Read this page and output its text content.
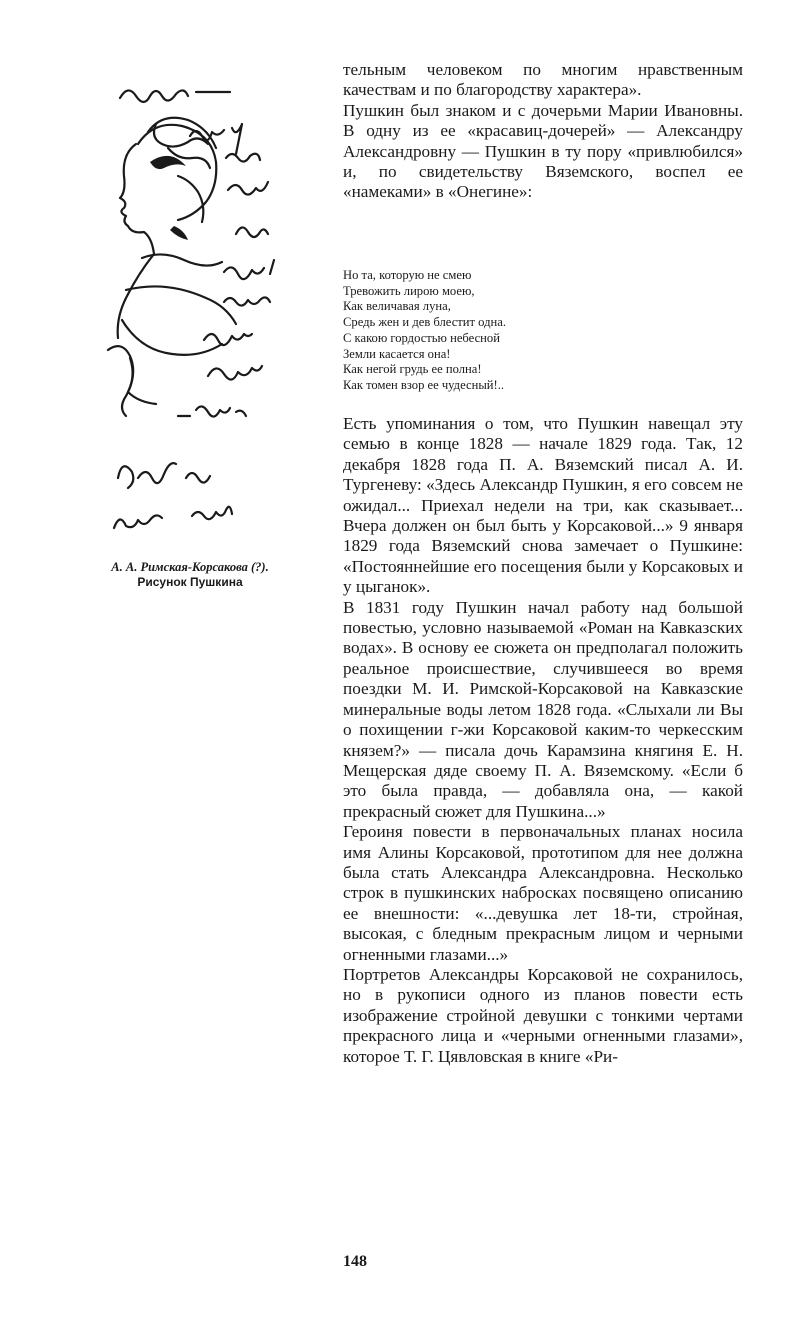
А. А. Римская-Корсакова (?).
Рисунок Пушкина

тельным человеком по многим нравственным качествам и по благородству характера».

Пушкин был знаком и с дочерьми Марии Ивановны. В одну из ее «красавиц-дочерей» — Александру Александровну — Пушкин в ту пору «привлюбился» и, по свидетельству Вяземского, воспел ее «намеками» в «Онегине»:

Но та, которую не смею
Тревожить лирою моею,
Как величавая луна,
Средь жен и дев блестит одна.
С какою гордостью небесной
Земли касается она!
Как негой грудь ее полна!
Как томен взор ее чудесный!..

Есть упоминания о том, что Пушкин навещал эту семью в конце 1828 — начале 1829 года. Так, 12 декабря 1828 года П. А. Вяземский писал А. И. Тургеневу: «Здесь Александр Пушкин, я его совсем не ожидал... Приехал недели на три, как сказывает... Вчера должен он был быть у Корсаковой...» 9 января 1829 года Вяземский снова замечает о Пушкине: «Постояннейшие его посещения были у Корсаковых и у цыганок».

В 1831 году Пушкин начал работу над большой повестью, условно называемой «Роман на Кавказских водах». В основу ее сюжета он предполагал положить реальное происшествие, случившееся во время поездки М. И. Римской-Корсаковой на Кавказские минеральные воды летом 1828 года. «Слыхали ли Вы о похищении г-жи Корсаковой каким-то черкесским князем?» — писала дочь Карамзина княгиня Е. Н. Мещерская дяде своему П. А. Вяземскому. «Если б это была правда, — добавляла она, — какой прекрасный сюжет для Пушкина...»

Героиня повести в первоначальных планах носила имя Алины Корсаковой, прототипом для нее должна была стать Александра Александровна. Несколько строк в пушкинских набросках посвящено описанию ее внешности: «...девушка лет 18-ти, стройная, высокая, с бледным прекрасным лицом и черными огненными глазами...»

Портретов Александры Корсаковой не сохранилось, но в рукописи одного из планов повести есть изображение стройной девушки с тонкими чертами прекрасного лица и «черными огненными глазами», которое Т. Г. Цявловская в книге «Ри-

148
